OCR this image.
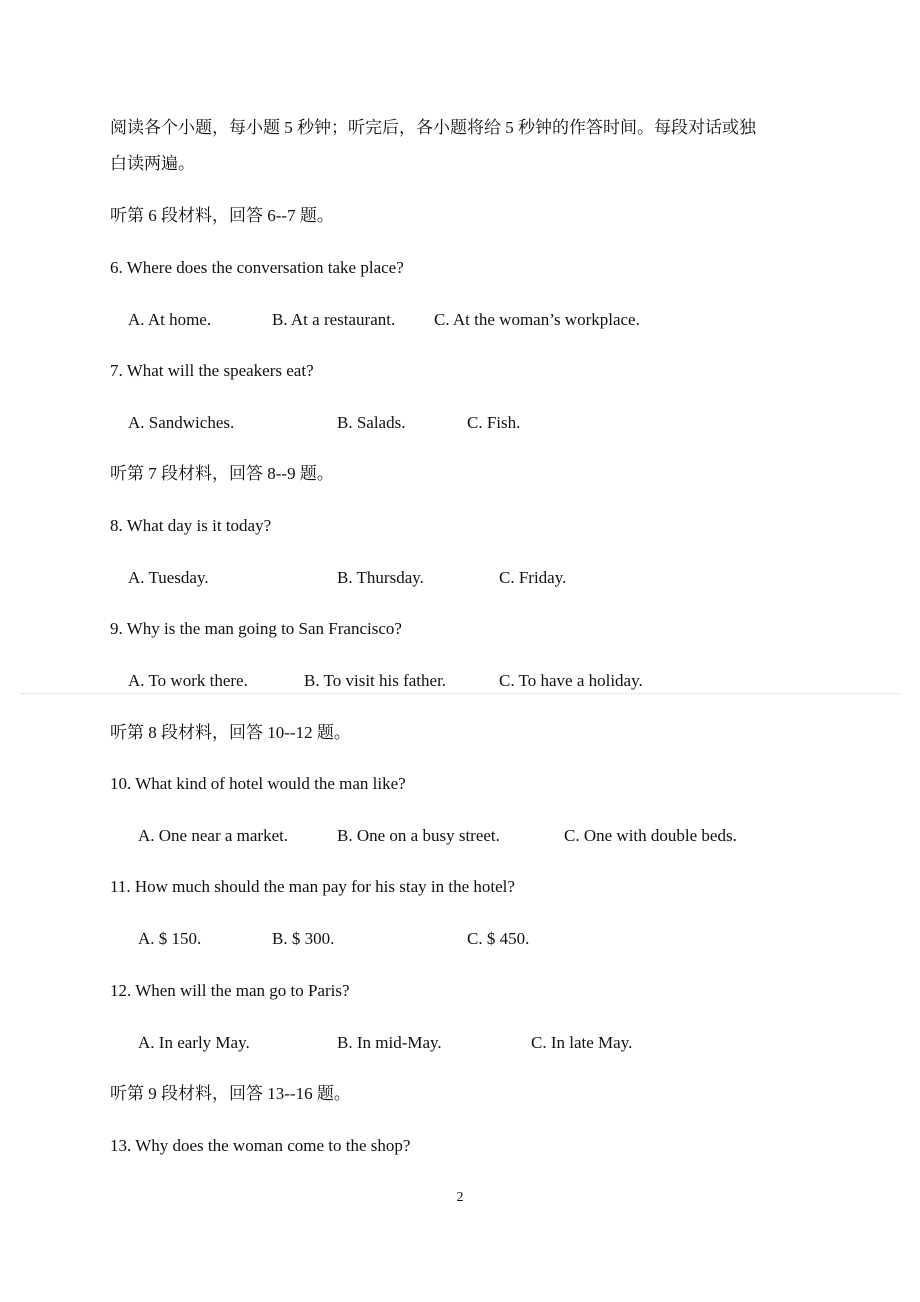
阅读各个小题，每小题 5 秒钟；听完后，各小题将给 5 秒钟的作答时间。每段对话或独
白读两遍。
听第 6 段材料，回答 6--7 题。
6. Where does the conversation take place?
A. At home.	B. At a restaurant. C. At the woman’s workplace.
7. What will the speakers eat?
A. Sandwiches.	B. Salads.	C. Fish.
听第 7 段材料，回答 8--9 题。
8. What day is it today?
A. Tuesday.	B. Thursday.	C. Friday.
9. Why is the man going to San Francisco?
A. To work there.	B. To visit his father.	C. To have a holiday.
听第 8 段材料，回答 10--12 题。
10. What kind of hotel would the man like?
A. One near a market.	B. One on a busy street.	C. One with double beds.
11. How much should the man pay for his stay in the hotel?
A. $ 150.	B. $ 300.	C. $ 450.
12. When will the man go to Paris?
A. In early May.	B. In mid-May.	C. In late May.
听第 9 段材料，回答 13--16 题。
13. Why does the woman come to the shop?
2
